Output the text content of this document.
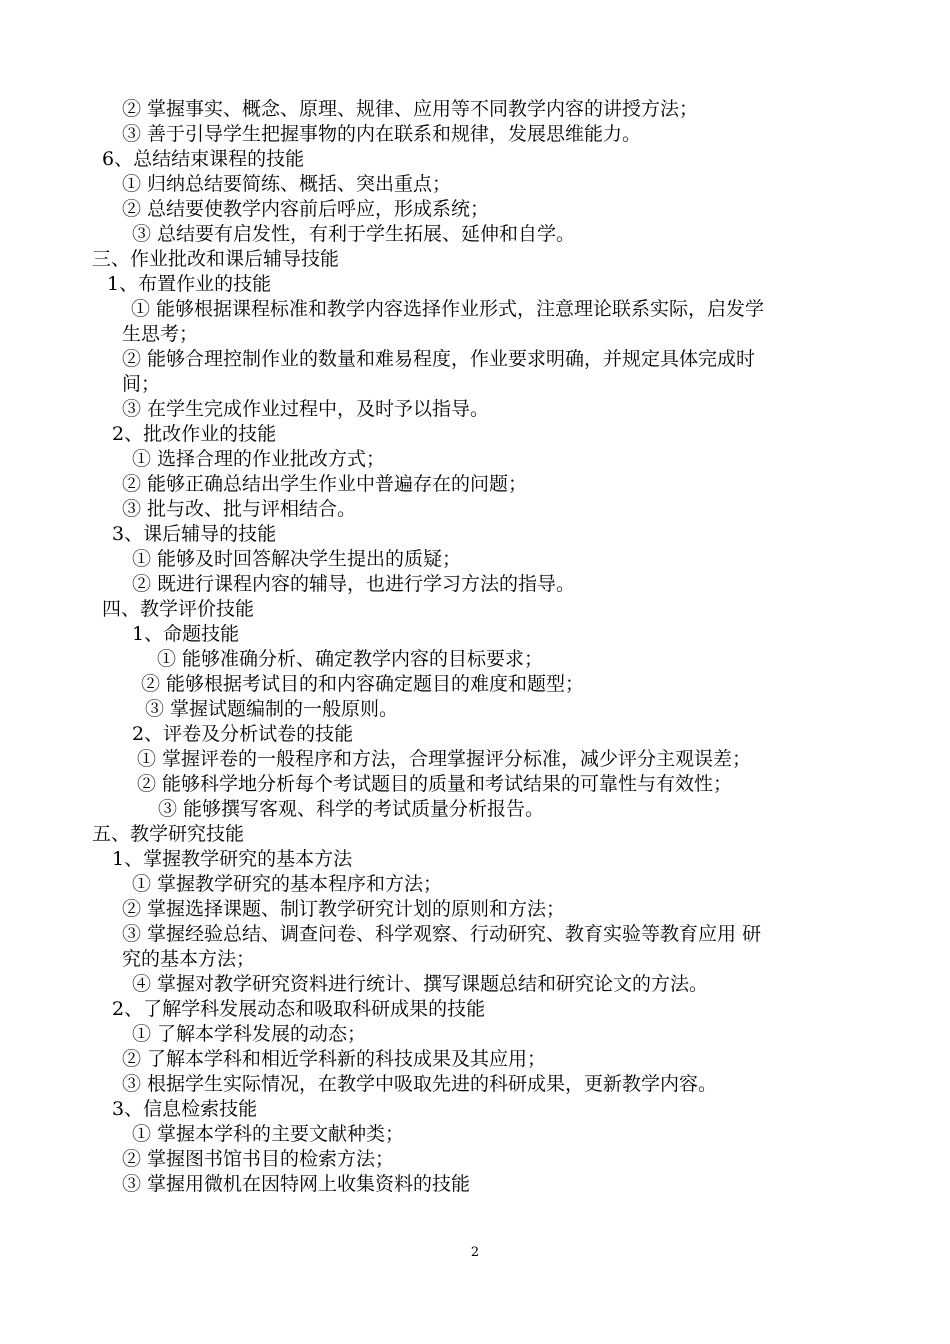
② 掌握事实、概念、原理、规律、应用等不同教学内容的讲授方法；
③ 善于引导学生把握事物的内在联系和规律，发展思维能力。
6、总结结束课程的技能
① 归纳总结要简练、概括、突出重点；
② 总结要使教学内容前后呼应，形成系统；
③ 总结要有启发性，有利于学生拓展、延伸和自学。
三、作业批改和课后辅导技能
1、布置作业的技能
① 能够根据课程标准和教学内容选择作业形式，注意理论联系实际，启发学
生思考；
② 能够合理控制作业的数量和难易程度，作业要求明确，并规定具体完成时
间；
③ 在学生完成作业过程中，及时予以指导。
2、批改作业的技能
① 选择合理的作业批改方式；
② 能够正确总结出学生作业中普遍存在的问题；
③ 批与改、批与评相结合。
3、课后辅导的技能
① 能够及时回答解决学生提出的质疑；
② 既进行课程内容的辅导，也进行学习方法的指导。
四、教学评价技能
1、命题技能
① 能够准确分析、确定教学内容的目标要求；
② 能够根据考试目的和内容确定题目的难度和题型；
③ 掌握试题编制的一般原则。
2、评卷及分析试卷的技能
① 掌握评卷的一般程序和方法，合理掌握评分标准，减少评分主观误差；
② 能够科学地分析每个考试题目的质量和考试结果的可靠性与有效性；
③ 能够撰写客观、科学的考试质量分析报告。
五、教学研究技能
1、掌握教学研究的基本方法
① 掌握教学研究的基本程序和方法；
② 掌握选择课题、制订教学研究计划的原则和方法；
③ 掌握经验总结、调查问卷、科学观察、行动研究、教育实验等教育应用 研
究的基本方法；
④ 掌握对教学研究资料进行统计、撰写课题总结和研究论文的方法。
2、了解学科发展动态和吸取科研成果的技能
① 了解本学科发展的动态；
② 了解本学科和相近学科新的科技成果及其应用；
③ 根据学生实际情况，在教学中吸取先进的科研成果，更新教学内容。
3、信息检索技能
① 掌握本学科的主要文献种类；
② 掌握图书馆书目的检索方法；
③ 掌握用微机在因特网上收集资料的技能
2
